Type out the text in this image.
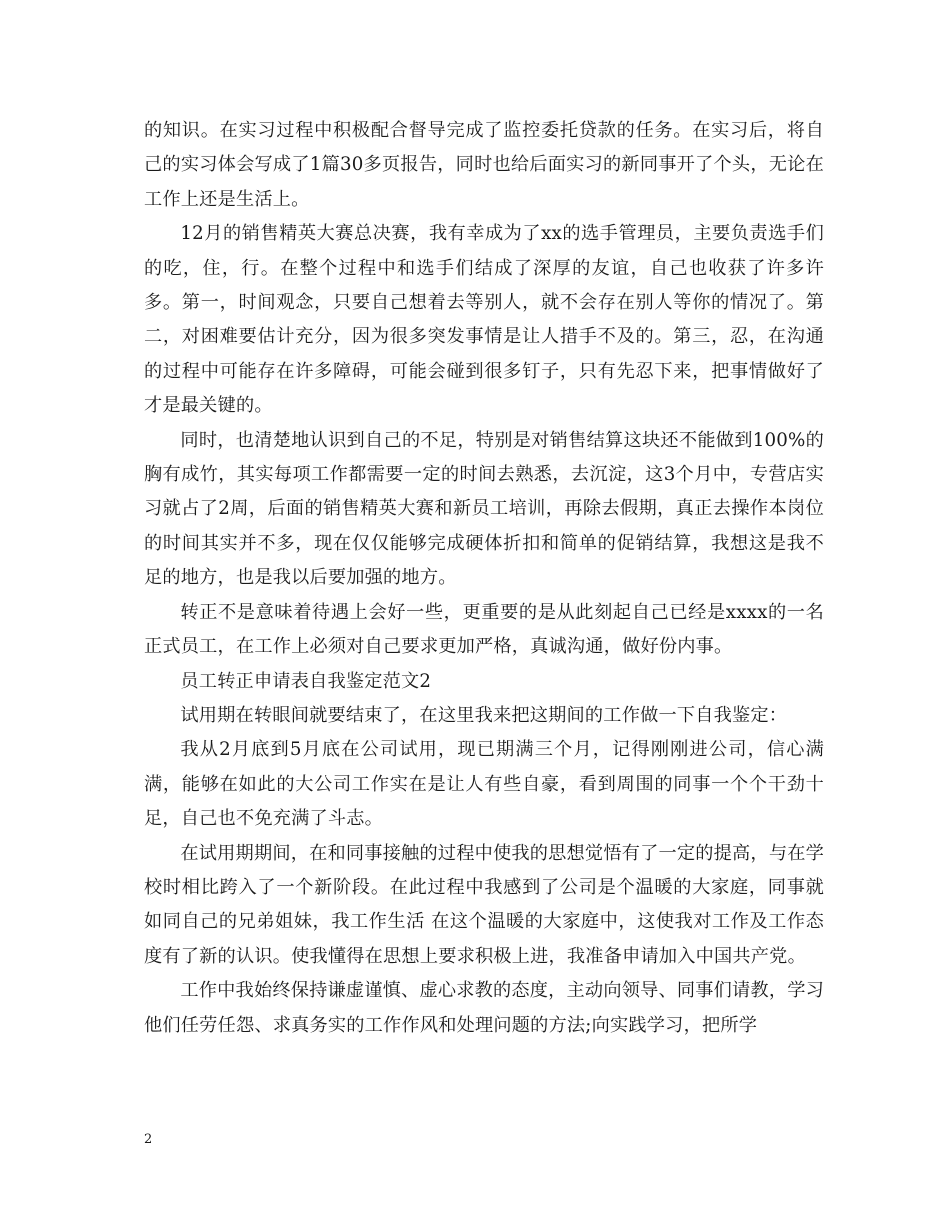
的知识。在实习过程中积极配合督导完成了监控委托贷款的任务。在实习后，将自己的实习体会写成了1篇30多页报告，同时也给后面实习的新同事开了个头，无论在工作上还是生活上。

12月的销售精英大赛总决赛，我有幸成为了xx的选手管理员，主要负责选手们的吃，住，行。在整个过程中和选手们结成了深厚的友谊，自己也收获了许多许多。第一，时间观念，只要自己想着去等别人，就不会存在别人等你的情况了。第二，对困难要估计充分，因为很多突发事情是让人措手不及的。第三，忍，在沟通的过程中可能存在许多障碍，可能会碰到很多钉子，只有先忍下来，把事情做好了才是最关键的。

同时，也清楚地认识到自己的不足，特别是对销售结算这块还不能做到100%的胸有成竹，其实每项工作都需要一定的时间去熟悉，去沉淀，这3个月中，专营店实习就占了2周，后面的销售精英大赛和新员工培训，再除去假期，真正去操作本岗位的时间其实并不多，现在仅仅能够完成硬体折扣和简单的促销结算，我想这是我不足的地方，也是我以后要加强的地方。

转正不是意味着待遇上会好一些，更重要的是从此刻起自己已经是xxxx的一名正式员工，在工作上必须对自己要求更加严格，真诚沟通，做好份内事。

员工转正申请表自我鉴定范文2

试用期在转眼间就要结束了，在这里我来把这期间的工作做一下自我鉴定：

我从2月底到5月底在公司试用，现已期满三个月，记得刚刚进公司，信心满满，能够在如此的大公司工作实在是让人有些自豪，看到周围的同事一个个干劲十足，自己也不免充满了斗志。

在试用期期间，在和同事接触的过程中使我的思想觉悟有了一定的提高，与在学校时相比跨入了一个新阶段。在此过程中我感到了公司是个温暖的大家庭，同事就如同自己的兄弟姐妹，我工作生活 在这个温暖的大家庭中，这使我对工作及工作态度有了新的认识。使我懂得在思想上要求积极上进，我准备申请加入中国共产党。

工作中我始终保持谦虚谨慎、虚心求教的态度，主动向领导、同事们请教，学习他们任劳任怨、求真务实的工作作风和处理问题的方法;向实践学习，把所学

2
